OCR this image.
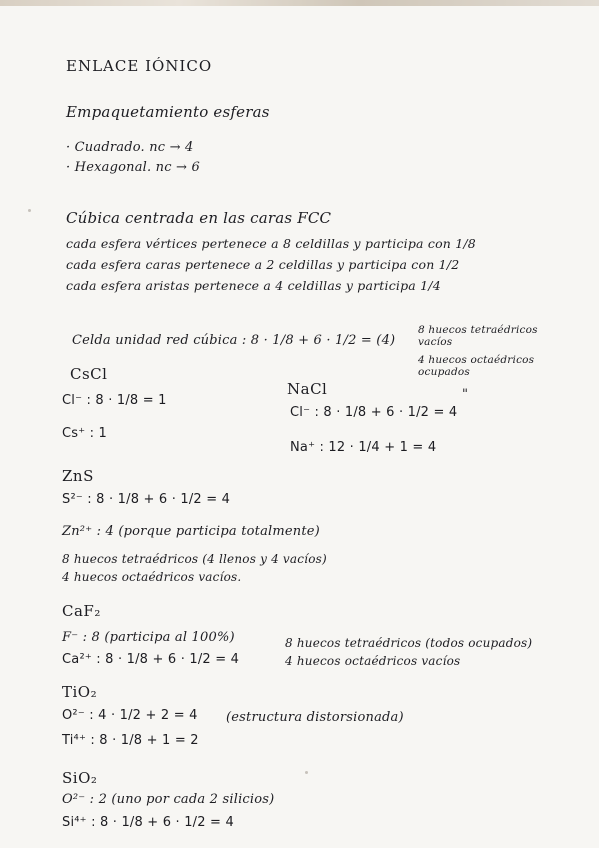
ENLACE IÓNICO
Empaquetamiento esferas
· Cuadrado. nc → 4
· Hexagonal. nc → 6
Cúbica centrada en las caras FCC
cada esfera vértices pertenece a 8 celdillas y participa con 1/8
cada esfera caras pertenece a 2 celdillas y participa con 1/2
cada esfera aristas pertenece a 4 celdillas y participa 1/4
Celda unidad red cúbica : 8 · 1/8 + 6 · 1/2 = (4)
8 huecos tetraédricos vacíos
4 huecos octaédricos ocupados
CsCl
Cl⁻ : 8 · 1/8 = 1
Cs⁺ : 1
NaCl	"
Cl⁻ : 8 · 1/8 + 6 · 1/2 = 4
Na⁺ : 12 · 1/4 + 1 = 4
ZnS
S²⁻ : 8 · 1/8 + 6 · 1/2 = 4
Zn²⁺ : 4 (porque participa totalmente)
8 huecos tetraédricos (4 llenos y 4 vacíos)
4 huecos octaédricos vacíos.
CaF₂
F⁻ : 8 (participa al 100%)
Ca²⁺ : 8 · 1/8 + 6 · 1/2 = 4
8 huecos tetraédricos (todos ocupados)
4 huecos octaédricos vacíos
TiO₂
O²⁻ : 4 · 1/2 + 2 = 4
Ti⁴⁺ : 8 · 1/8 + 1 = 2
(estructura distorsionada)
SiO₂
O²⁻ : 2 (uno por cada 2 silicios)
Si⁴⁺ : 8 · 1/8 + 6 · 1/2 = 4
